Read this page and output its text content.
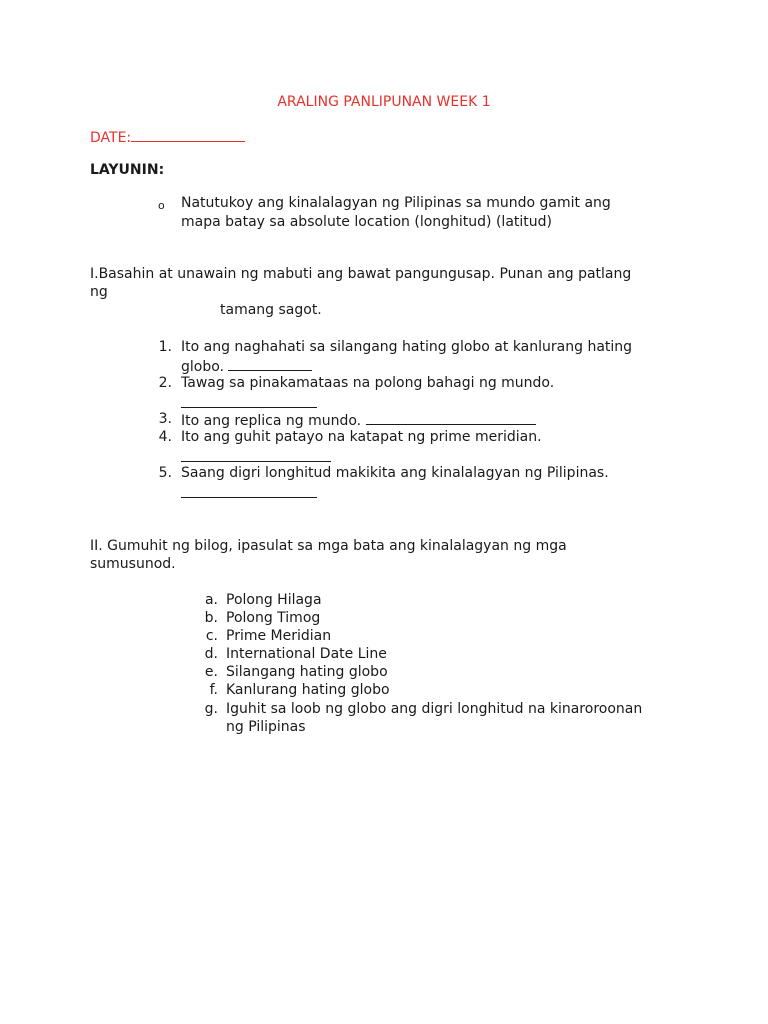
ARALING PANLIPUNAN WEEK 1
DATE:
LAYUNIN:
o Natutukoy ang kinalalagyan ng Pilipinas sa mundo gamit ang
mapa batay sa absolute location (longhitud) (latitud)
I.Basahin at unawain ng mabuti ang bawat pangungusap. Punan ang patlang
ng
tamang sagot.
1. Ito ang naghahati sa silangang hating globo at kanlurang hating
globo.
2. Tawag sa pinakamataas na polong bahagi ng mundo.
3. Ito ang replica ng mundo.
4. Ito ang guhit patayo na katapat ng prime meridian.
5. Saang digri longhitud makikita ang kinalalagyan ng Pilipinas.
II. Gumuhit ng bilog, ipasulat sa mga bata ang kinalalagyan ng mga
sumusunod.
a. Polong Hilaga
b. Polong Timog
c. Prime Meridian
d. International Date Line
e. Silangang hating globo
f. Kanlurang hating globo
g. Iguhit sa loob ng globo ang digri longhitud na kinaroroonan
ng Pilipinas
